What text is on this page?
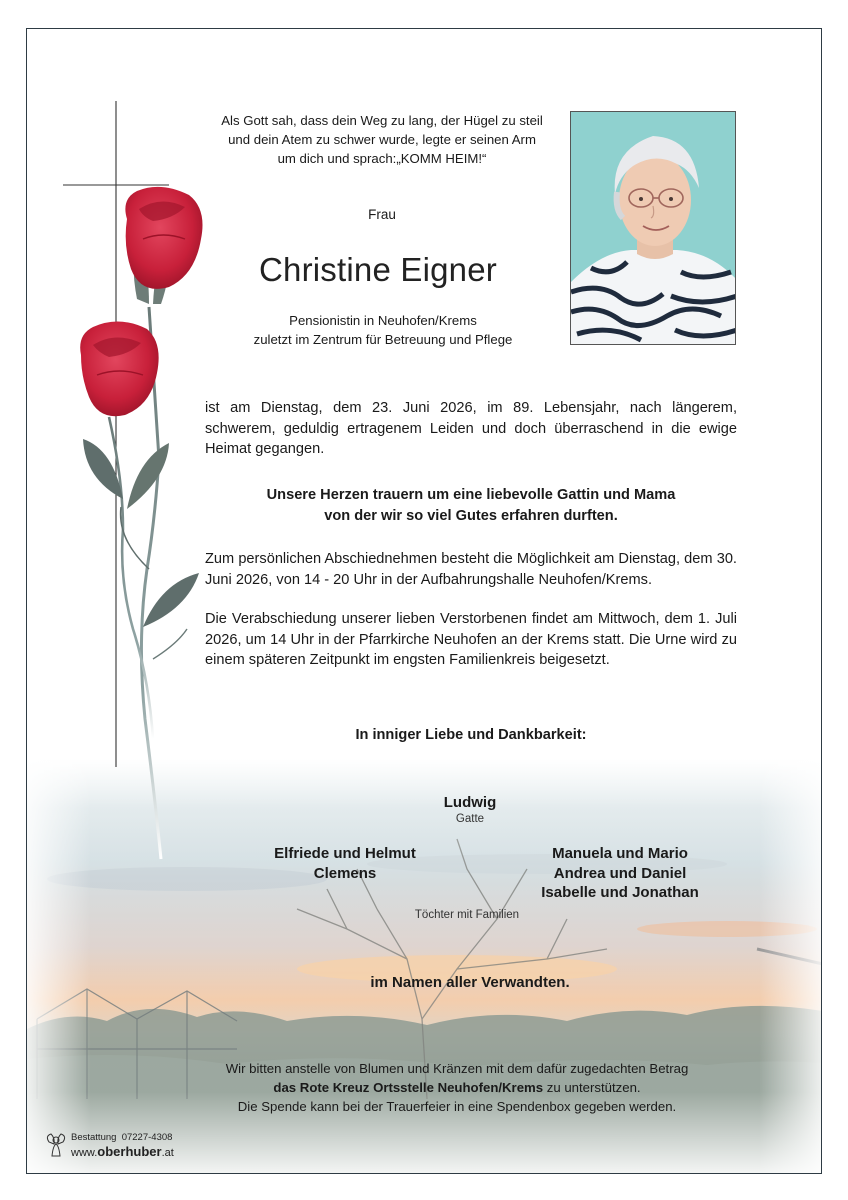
Als Gott sah, dass dein Weg zu lang, der Hügel zu steil
und dein Atem zu schwer wurde, legte er seinen Arm
um dich und sprach:„KOMM HEIM!“
Frau
Christine Eigner
Pensionistin in Neuhofen/Krems
zuletzt im Zentrum für Betreuung und Pflege
ist am Dienstag, dem 23. Juni 2026, im 89. Lebensjahr, nach längerem, schwerem, geduldig ertragenem Leiden und doch überraschend in die ewige Heimat gegangen.
Unsere Herzen trauern um eine liebevolle Gattin und Mama
von der wir so viel Gutes erfahren durften.
Zum persönlichen Abschiednehmen besteht die Möglichkeit am Dienstag, dem 30. Juni 2026, von 14 - 20 Uhr in der Aufbahrungshalle Neuhofen/Krems.
Die Verabschiedung unserer lieben Verstorbenen findet am Mittwoch, dem 1. Juli 2026, um 14 Uhr in der Pfarrkirche Neuhofen an der Krems statt. Die Urne wird zu einem späteren Zeitpunkt im engsten Familienkreis beigesetzt.
In inniger Liebe und Dankbarkeit:
Ludwig
Gatte
Elfriede und Helmut
Clemens
Manuela und Mario
Andrea und Daniel
Isabelle und Jonathan
Töchter mit Familien
im Namen aller Verwandten.
Wir bitten anstelle von Blumen und Kränzen mit dem dafür zugedachten Betrag
das Rote Kreuz Ortsstelle Neuhofen/Krems zu unterstützen.
Die Spende kann bei der Trauerfeier in eine Spendenbox gegeben werden.
Bestattung 07227-4308
www.oberhuber.at
